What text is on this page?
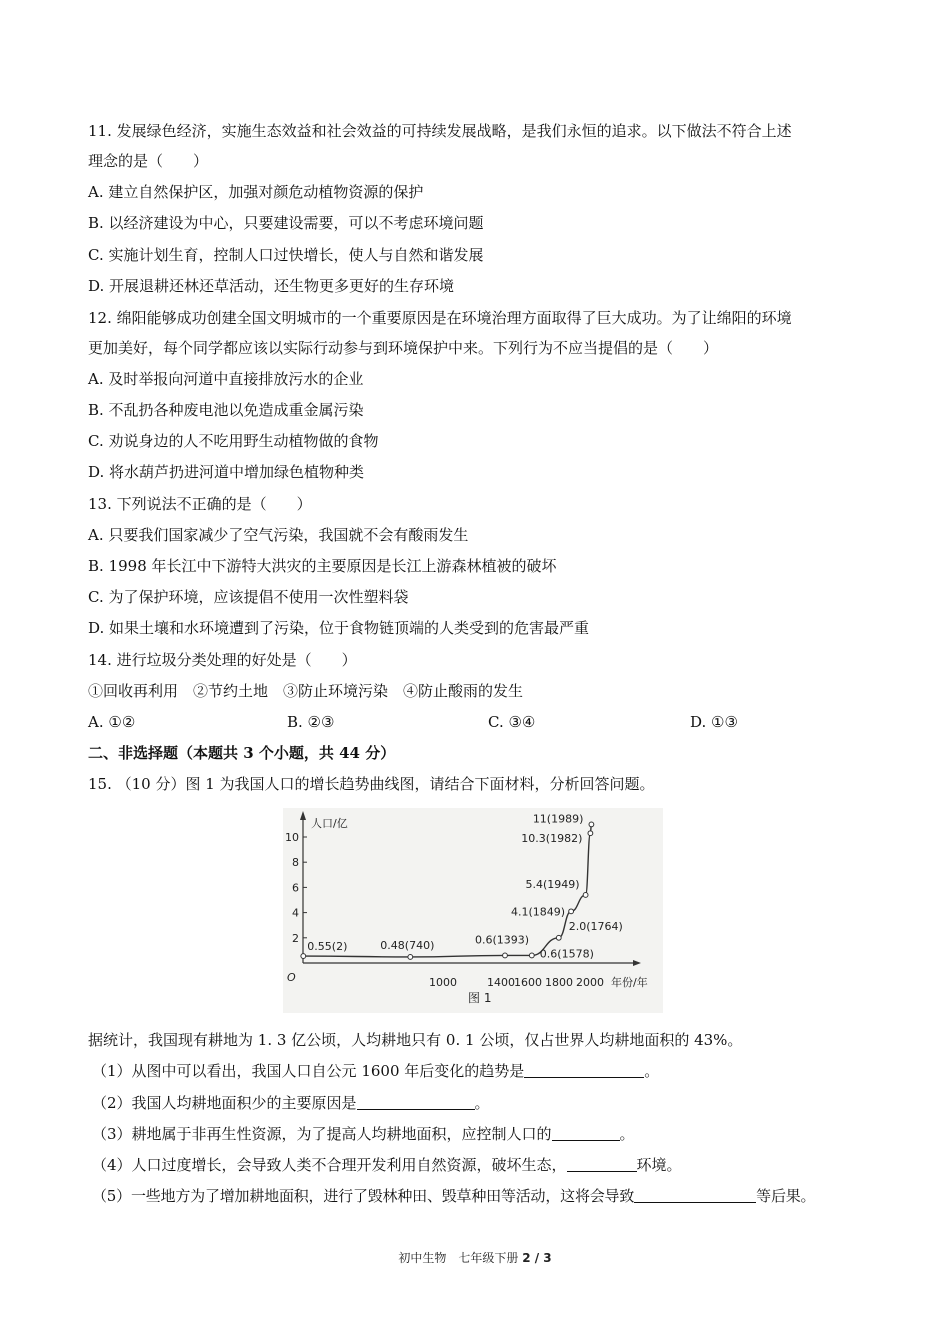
11. 发展绿色经济，实施生态效益和社会效益的可持续发展战略，是我们永恒的追求。以下做法不符合上述
理念的是（　　）
A. 建立自然保护区，加强对颜危动植物资源的保护
B. 以经济建设为中心，只要建设需要，可以不考虑环境问题
C. 实施计划生育，控制人口过快增长，使人与自然和谐发展
D. 开展退耕还林还草活动，还生物更多更好的生存环境
12. 绵阳能够成功创建全国文明城市的一个重要原因是在环境治理方面取得了巨大成功。为了让绵阳的环境
更加美好，每个同学都应该以实际行动参与到环境保护中来。下列行为不应当提倡的是（　　）
A. 及时举报向河道中直接排放污水的企业
B. 不乱扔各种废电池以免造成重金属污染
C. 劝说身边的人不吃用野生动植物做的食物
D. 将水葫芦扔进河道中增加绿色植物种类
13. 下列说法不正确的是（　　）
A. 只要我们国家减少了空气污染，我国就不会有酸雨发生
B. 1998 年长江中下游特大洪灾的主要原因是长江上游森林植被的破坏
C. 为了保护环境，应该提倡不使用一次性塑料袋
D. 如果土壤和水环境遭到了污染，位于食物链顶端的人类受到的危害最严重
14. 进行垃圾分类处理的好处是（　　）
①回收再利用　②节约土地　③防止环境污染　④防止酸雨的发生
A. ①②	B. ②③	C. ③④	D. ①③
二、非选择题（本题共 3 个小题，共 44 分）
15. （10 分）图 1 为我国人口的增长趋势曲线图，请结合下面材料，分析回答问题。
人口/亿
O	年份/年
图 1
2
4
6
8
10
1000	1400 1600 1800 2000
0.55(2)	0.48(740)	0.6(1393)
0.6(1578)
2.0(1764)
4.1(1849)
5.4(1949)
10.3(1982)
11(1989)
据统计，我国现有耕地为 1. 3 亿公顷，人均耕地只有 0. 1 公顷，仅占世界人均耕地面积的 43%。
（1）从图中可以看出，我国人口自公元 1600 年后变化的趋势是	。
（2）我国人均耕地面积少的主要原因是	。
（3）耕地属于非再生性资源，为了提高人均耕地面积，应控制人口的	。
（4）人口过度增长，会导致人类不合理开发利用自然资源，破坏生态，	环境。
（5）一些地方为了增加耕地面积，进行了毁林种田、毁草种田等活动，这将会导致	等后果。
初中生物　七年级下册 2 / 3
